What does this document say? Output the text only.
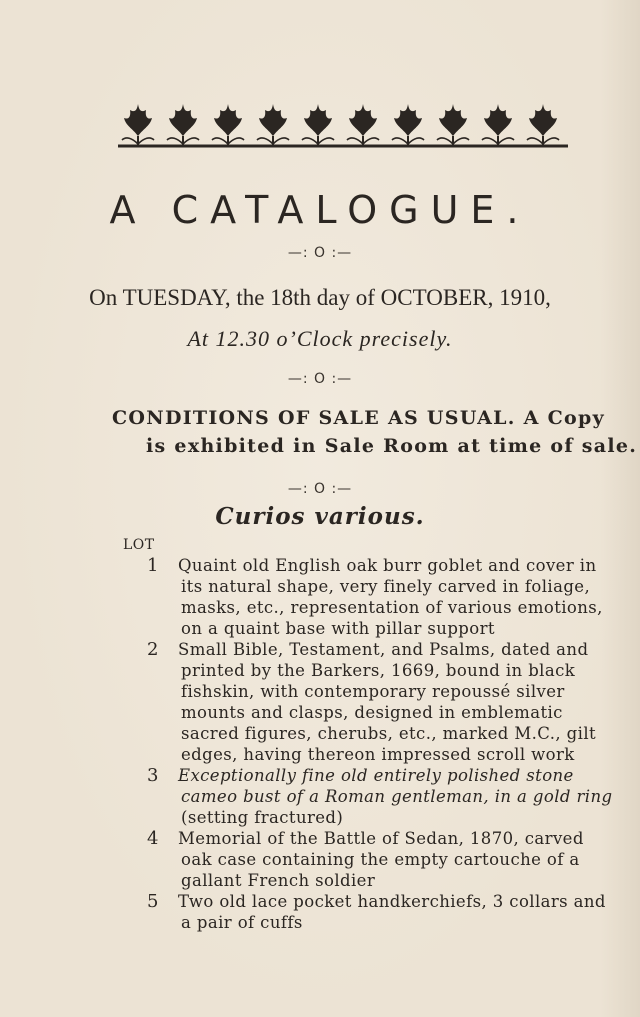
A CATALOGUE.
—: O :—
On TUESDAY, the 18th day of OCTOBER, 1910,
At 12.30 o’Clock precisely.
—: O :—
CONDITIONS OF SALE AS USUAL. A Copy
is exhibited in Sale Room at time of sale.
—: O :—
Curios various.
LOT
1 Quaint old English oak burr goblet and cover in
its natural shape, very finely carved in foliage,
masks, etc., representation of various emotions,
on a quaint base with pillar support
2 Small Bible, Testament, and Psalms, dated and
printed by the Barkers, 1669, bound in black
fishskin, with contemporary repoussé silver
mounts and clasps, designed in emblematic
sacred figures, cherubs, etc., marked M.C., gilt
edges, having thereon impressed scroll work
3 Exceptionally fine old entirely polished stone
cameo bust of a Roman gentleman, in a gold ring
(setting fractured)
4 Memorial of the Battle of Sedan, 1870, carved
oak case containing the empty cartouche of a
gallant French soldier
5 Two old lace pocket handkerchiefs, 3 collars and
a pair of cuffs
